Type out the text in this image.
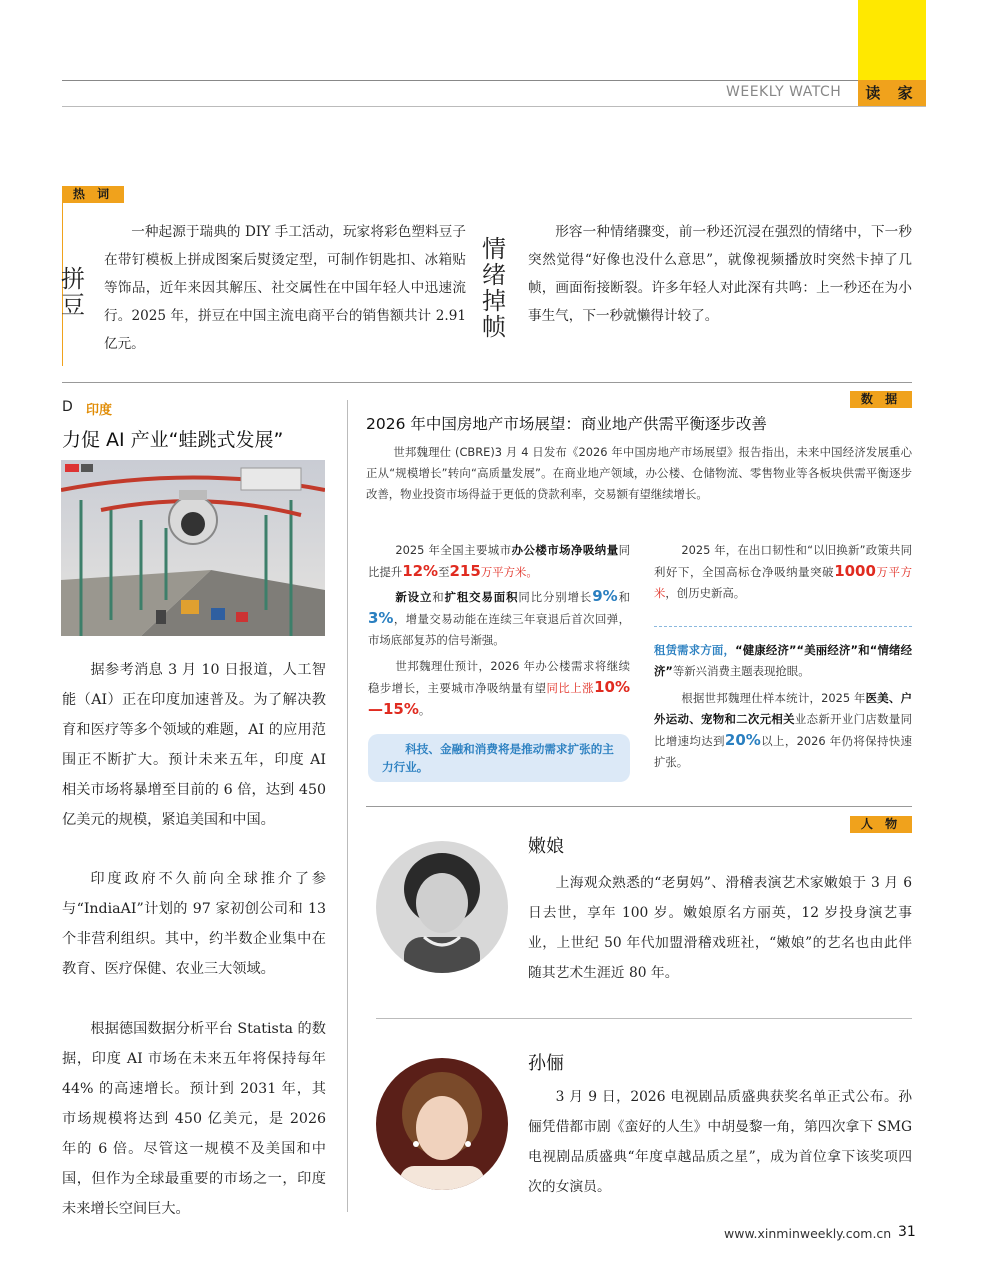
WEEKLY WATCH	读 家
热 词
拼豆
一种起源于瑞典的 DIY 手工活动，玩家将彩色塑料豆子在带钉模板上拼成图案后熨烫定型，可制作钥匙扣、冰箱贴等饰品，近年来因其解压、社交属性在中国年轻人中迅速流行。2025 年，拼豆在中国主流电商平台的销售额共计 2.91 亿元。
情绪掉帧
形容一种情绪骤变，前一秒还沉浸在强烈的情绪中，下一秒突然觉得“好像也没什么意思”，就像视频播放时突然卡掉了几帧，画面衔接断裂。许多年轻人对此深有共鸣：上一秒还在为小事生气，下一秒就懒得计较了。
D 印度
力促 AI 产业“蛙跳式发展”
据参考消息 3 月 10 日报道，人工智能（AI）正在印度加速普及。为了解决教育和医疗等多个领域的难题，AI 的应用范围正不断扩大。预计未来五年，印度 AI 相关市场将暴增至目前的 6 倍，达到 450 亿美元的规模，紧追美国和中国。
印度政府不久前向全球推介了参与“IndiaAI”计划的 97 家初创公司和 13 个非营利组织。其中，约半数企业集中在教育、医疗保健、农业三大领域。
根据德国数据分析平台 Statista 的数据，印度 AI 市场在未来五年将保持每年 44% 的高速增长。预计到 2031 年，其市场规模将达到 450 亿美元，是 2026 年的 6 倍。尽管这一规模不及美国和中国，但作为全球最重要的市场之一，印度未来增长空间巨大。
数 据
2026 年中国房地产市场展望：商业地产供需平衡逐步改善
世邦魏理仕 (CBRE)3 月 4 日发布《2026 年中国房地产市场展望》报告指出，未来中国经济发展重心正从“规模增长”转向“高质量发展”。在商业地产领域，办公楼、仓储物流、零售物业等各板块供需平衡逐步改善，物业投资市场得益于更低的贷款利率，交易额有望继续增长。
2025 年全国主要城市办公楼市场净吸纳量同比提升12%至215万平方米。
新设立和扩租交易面积同比分别增长9%和3%，增量交易动能在连续三年衰退后首次回弹，市场底部复苏的信号渐强。
世邦魏理仕预计，2026 年办公楼需求将继续稳步增长，主要城市净吸纳量有望同比上涨10%—15%。
科技、金融和消费将是推动需求扩张的主力行业。
2025 年，在出口韧性和“以旧换新”政策共同利好下，全国高标仓净吸纳量突破1000万平方米，创历史新高。
租赁需求方面，“健康经济”“美丽经济”和“情绪经济”等新兴消费主题表现抢眼。
根据世邦魏理仕样本统计，2025 年医美、户外运动、宠物和二次元相关业态新开业门店数量同比增速均达到20%以上，2026 年仍将保持快速扩张。
人 物
嫩娘
上海观众熟悉的“老舅妈”、滑稽表演艺术家嫩娘于 3 月 6 日去世，享年 100 岁。嫩娘原名方丽英，12 岁投身演艺事业，上世纪 50 年代加盟滑稽戏班社，“嫩娘”的艺名也由此伴随其艺术生涯近 80 年。
孙俪
3 月 9 日，2026 电视剧品质盛典获奖名单正式公布。孙俪凭借都市剧《蛮好的人生》中胡曼黎一角，第四次拿下 SMG 电视剧品质盛典“年度卓越品质之星”，成为首位拿下该奖项四次的女演员。
www.xinminweekly.com.cn 31
